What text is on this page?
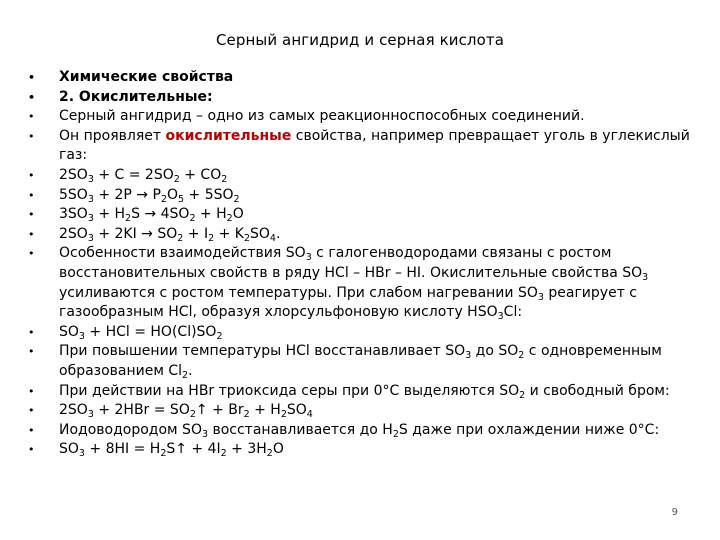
Серный ангидрид и серная кислота
• Химические свойства
• 2. Окислительные:
• Серный ангидрид – одно из самых реакционноспособных соединений.
• Он проявляет окислительные свойства, например превращает уголь в углекислый газ:
• $2SO_3 + C = 2SO_2 + CO_2$
• $5SO_3 + 2P \to P_2O_5 + 5SO_2$
• $3SO_3 + H_2S \to 4SO_2 + H_2O$
• $2SO_3 + 2KI \to SO_2 + I_2 + K_2SO_4$.
• Особенности взаимодействия $SO_3$ с галогенводородами связаны с ростом восстановительных свойств в ряду HCl – HBr – HI. Окислительные свойства $SO_3$ усиливаются с ростом температуры. При слабом нагревании $SO_3$ реагирует с газообразным HCl, образуя хлорсульфоновую кислоту $HSO_3Cl$:
• $SO_3$ + HCl = $HO(Cl)SO_2$
• При повышении температуры HCl восстанавливает $SO_3$ до $SO_2$ с одновременным образованием $Cl_2$.
• При действии на HBr триоксида серы при 0°C выделяются $SO_2$ и свободный бром:
• $2SO_3 + 2HBr$ = $SO_2↑ + Br_2 + H_2SO_4$
• Иодоводородом $SO_3$ восстанавливается до $H_2S$ даже при охлаждении ниже 0°C:
• $SO_3 + 8HI$ = $H_2S↑ + 4I_2 + 3H_2O$
9
